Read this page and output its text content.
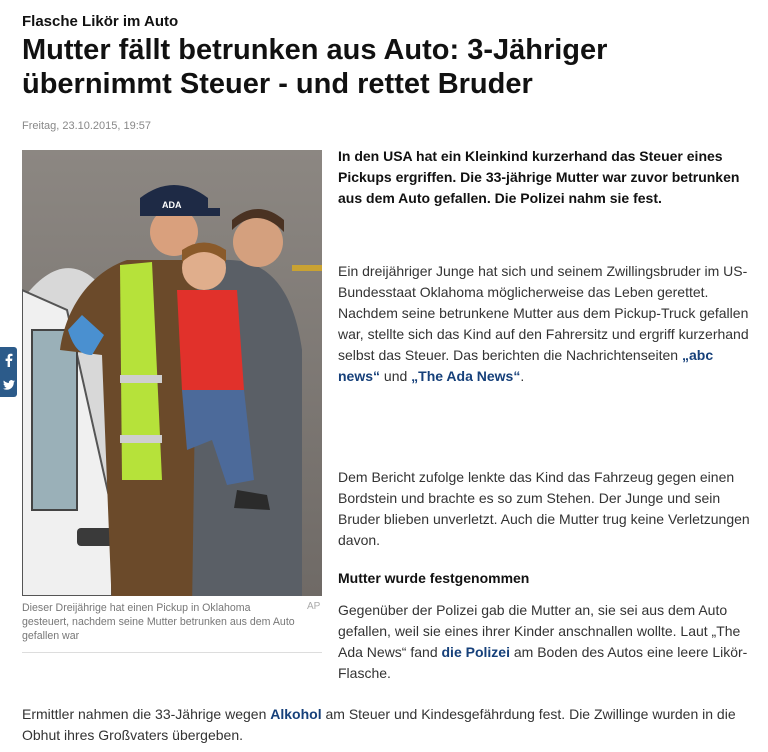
Flasche Likör im Auto
Mutter fällt betrunken aus Auto: 3-Jähriger übernimmt Steuer - und rettet Bruder
Freitag, 23.10.2015, 19:57
ADA
AP
Dieser Dreijährige hat einen Pickup in Oklahoma gesteuert, nachdem seine Mutter betrunken aus dem Auto gefallen war
In den USA hat ein Kleinkind kurzerhand das Steuer eines Pickups ergriffen. Die 33-jährige Mutter war zuvor betrunken aus dem Auto gefallen. Die Polizei nahm sie fest.
Ein dreijähriger Junge hat sich und seinem Zwillingsbruder im US-Bundesstaat Oklahoma möglicherweise das Leben gerettet. Nachdem seine betrunkene Mutter aus dem Pickup-Truck gefallen war, stellte sich das Kind auf den Fahrersitz und ergriff kurzerhand selbst das Steuer. Das berichten die Nachrichtenseiten „abc news“ und „The Ada News“.
Dem Bericht zufolge lenkte das Kind das Fahrzeug gegen einen Bordstein und brachte es so zum Stehen. Der Junge und sein Bruder blieben unverletzt. Auch die Mutter trug keine Verletzungen davon.
Mutter wurde festgenommen
Gegenüber der Polizei gab die Mutter an, sie sei aus dem Auto gefallen, weil sie eines ihrer Kinder anschnallen wollte. Laut „The Ada News“ fand die Polizei am Boden des Autos eine leere Likör-Flasche.
Ermittler nahmen die 33-Jährige wegen Alkohol am Steuer und Kindesgefährdung fest. Die Zwillinge wurden in die Obhut ihres Großvaters übergeben.
